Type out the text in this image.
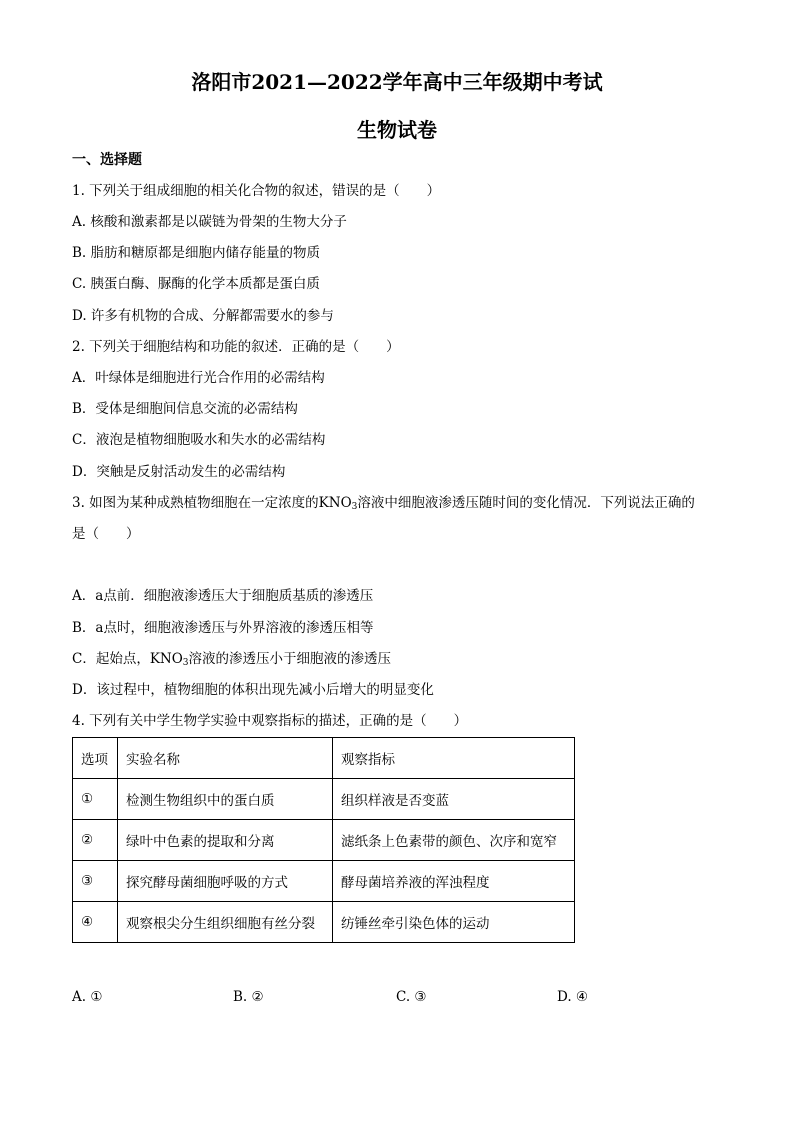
洛阳市2021—2022学年高中三年级期中考试
生物试卷
一、选择题
1. 下列关于组成细胞的相关化合物的叙述，错误的是（　　）
A. 核酸和激素都是以碳链为骨架的生物大分子
B. 脂肪和糖原都是细胞内储存能量的物质
C. 胰蛋白酶、脲酶的化学本质都是蛋白质
D. 许多有机物的合成、分解都需要水的参与
2. 下列关于细胞结构和功能的叙述．正确的是（　　）
A．叶绿体是细胞进行光合作用的必需结构
B．受体是细胞间信息交流的必需结构
C．液泡是植物细胞吸水和失水的必需结构
D．突触是反射活动发生的必需结构
3. 如图为某种成熟植物细胞在一定浓度的$KNO_3$溶液中细胞液渗透压随时间的变化情况．下列说法正确的
是（　　）
A．a点前．细胞液渗透压大于细胞质基质的渗透压
B．a点时，细胞液渗透压与外界溶液的渗透压相等
C．起始点，$KNO_3$溶液的渗透压小于细胞液的渗透压
D．该过程中，植物细胞的体积出现先减小后增大的明显变化
4. 下列有关中学生物学实验中观察指标的描述，正确的是（　　）
选项	实验名称	观察指标
①	检测生物组织中的蛋白质	组织样液是否变蓝
②	绿叶中色素的提取和分离	滤纸条上色素带的颜色、次序和宽窄
③	探究酵母菌细胞呼吸的方式	酵母菌培养液的浑浊程度
④	观察根尖分生组织细胞有丝分裂	纺锤丝牵引染色体的运动
A. ①	B. ②	C. ③	D. ④
